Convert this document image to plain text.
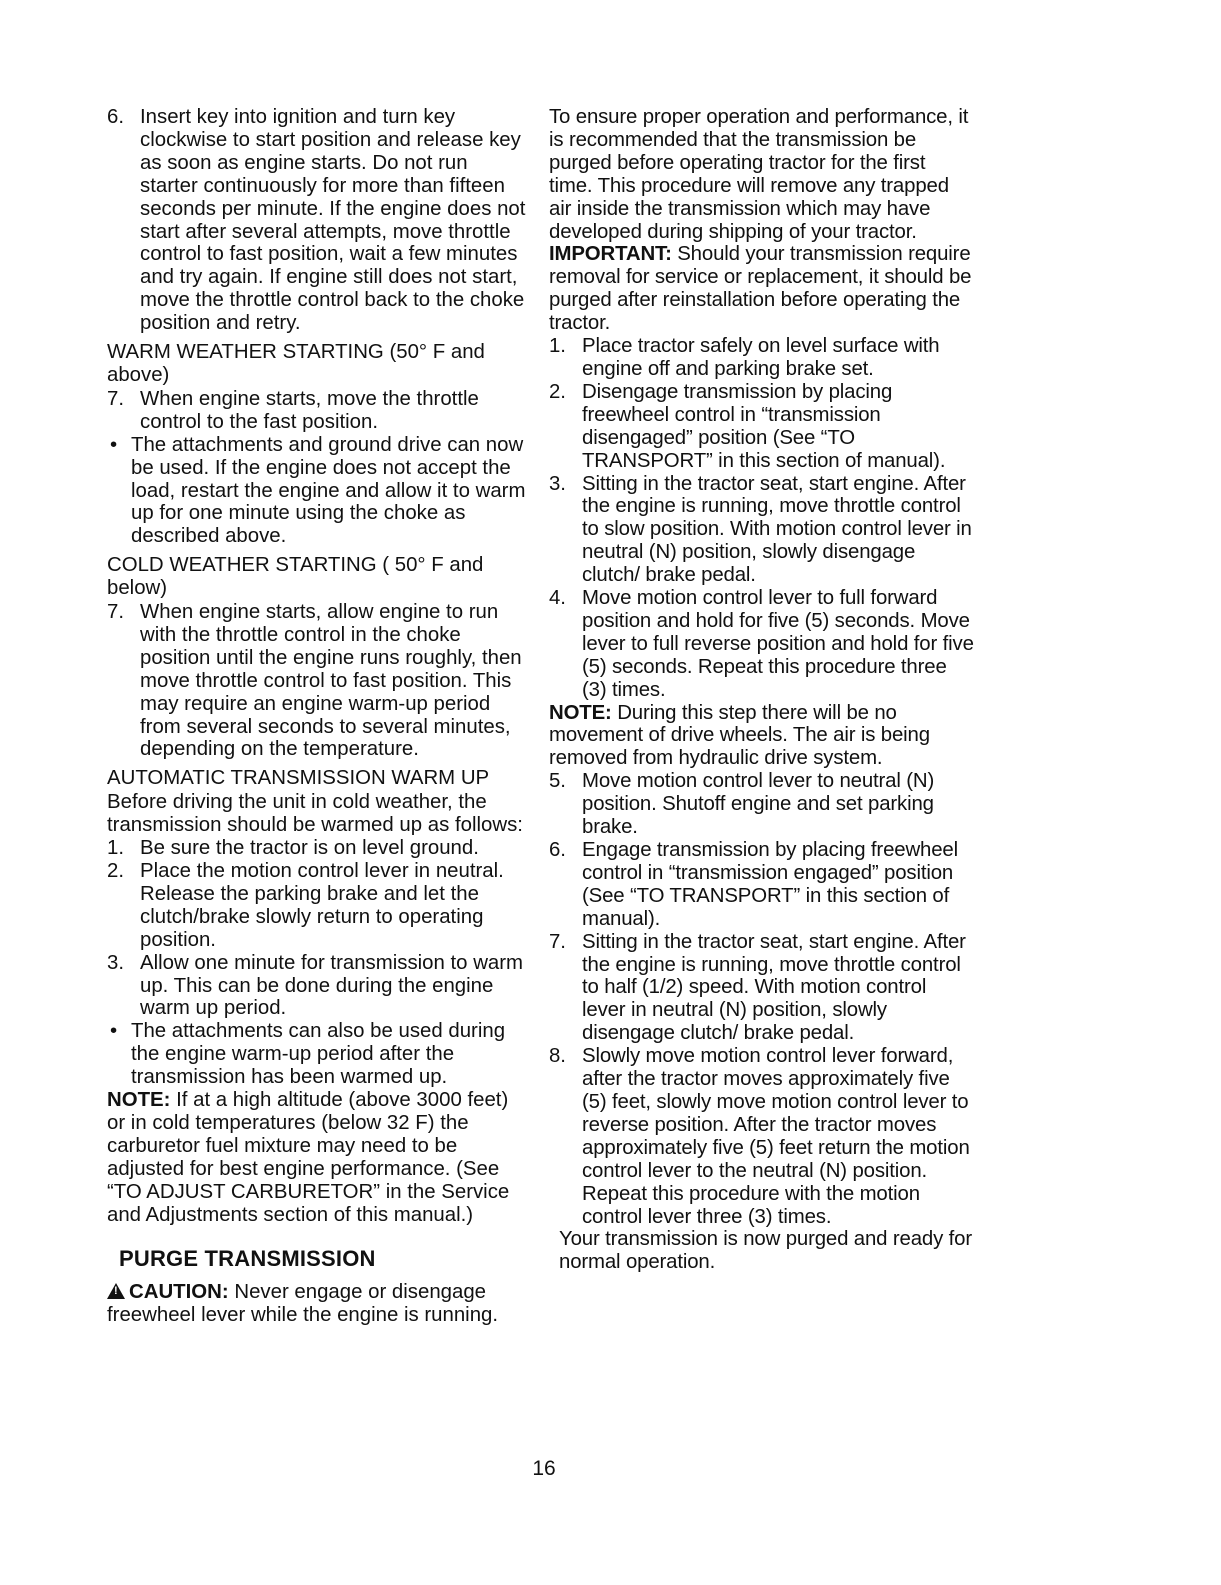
6. Insert key into ignition and turn key clockwise to start position and release key as soon as engine starts. Do not run starter continuously for more than fifteen seconds per minute. If the engine does not start after several attempts, move throttle control to fast position, wait a few minutes and try again. If engine still does not start, move the throttle control back to the choke position and retry.

WARM WEATHER STARTING (50° F and above)

7. When engine starts, move the throttle control to the fast position.
• The attachments and ground drive can now be used. If the engine does not accept the load, restart the engine and allow it to warm up for one minute using the choke as described above.

COLD WEATHER STARTING ( 50° F and below)

7. When engine starts, allow engine to run with the throttle control in the choke position until the engine runs roughly, then move throttle control to fast position. This may require an engine warm-up period from several seconds to several minutes, depending on the temperature.

AUTOMATIC TRANSMISSION WARM UP

Before driving the unit in cold weather, the transmission should be warmed up as follows:

1. Be sure the tractor is on level ground.
2. Place the motion control lever in neutral. Release the parking brake and let the clutch/brake slowly return to operating position.
3. Allow one minute for transmission to warm up. This can be done during the engine warm up period.
• The attachments can also be used during the engine warm-up period after the transmission has been warmed up.

NOTE: If at a high altitude (above 3000 feet) or in cold temperatures (below 32 F) the carburetor fuel mixture may need to be adjusted for best engine performance. (See “TO ADJUST CARBURETOR” in the Service and Adjustments section of this manual.)

PURGE TRANSMISSION

!CAUTION: Never engage or disengage freewheel lever while the engine is running.

To ensure proper operation and performance, it is recommended that the transmission be purged before operating tractor for the first time. This procedure will remove any trapped air inside the transmission which may have developed during shipping of your tractor.

IMPORTANT: Should your transmission require removal for service or replacement, it should be purged after reinstallation before operating the tractor.

1. Place tractor safely on level surface with engine off and parking brake set.
2. Disengage transmission by placing freewheel control in “transmission disengaged” position (See “TO TRANSPORT” in this section of manual).
3. Sitting in the tractor seat, start engine. After the engine is running, move throttle control to slow position. With motion control lever in neutral (N) position, slowly disengage clutch/ brake pedal.
4. Move motion control lever to full forward position and hold for five (5) seconds. Move lever to full reverse position and hold for five (5) seconds. Repeat this procedure three (3) times.

NOTE: During this step there will be no movement of drive wheels. The air is being removed from hydraulic drive system.

5. Move motion control lever to neutral (N) position. Shutoff engine and set parking brake.
6. Engage transmission by placing freewheel control in “transmission engaged” position (See “TO TRANSPORT” in this section of manual).
7. Sitting in the tractor seat, start engine. After the engine is running, move throttle control to half (1/2) speed. With motion control lever in neutral (N) position, slowly disengage clutch/ brake pedal.
8. Slowly move motion control lever forward, after the tractor moves approximately five (5) feet, slowly move motion control lever to reverse position. After the tractor moves approximately five (5) feet return the motion control lever to the neutral (N) position. Repeat this procedure with the motion control lever three (3) times.

Your transmission is now purged and ready for normal operation.

16
